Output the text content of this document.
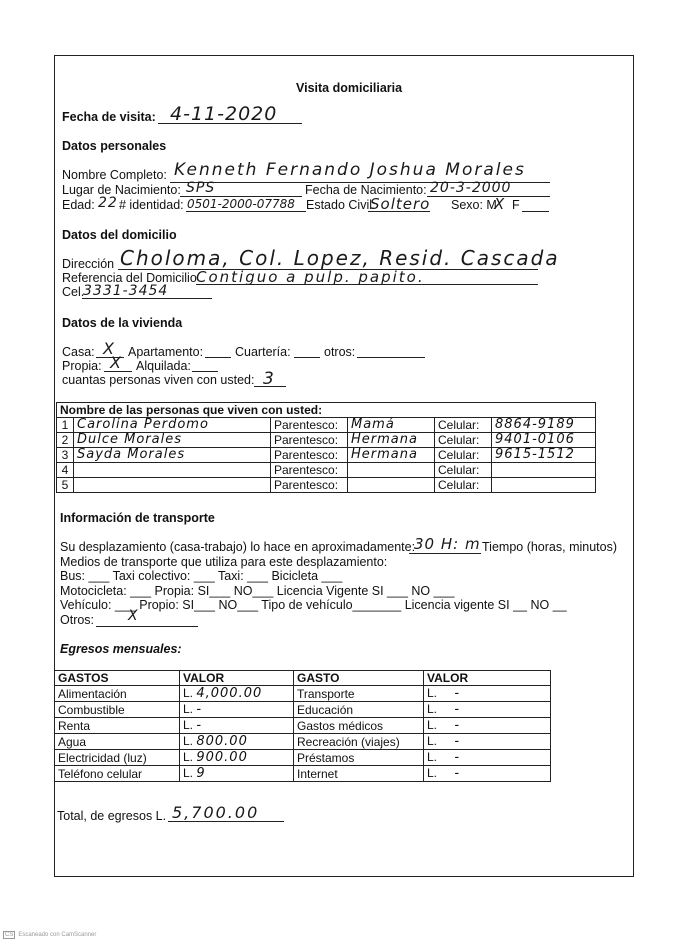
Visita domiciliaria
Fecha de visita: 4-11-2020
Datos personales
Nombre Completo: Kenneth Fernando Joshua Morales
Lugar de Nacimiento: SPS	Fecha de Nacimiento: 20-3-2000
Edad: 22 # identidad: 0501-2000-07788 Estado Civil:
Soltero Sexo: M
X F
Datos del domicilio
Dirección Choloma, Col. Lopez, Resid. Cascada
Referencia del Domicilio Contiguo a pulp. papito.
Cel.
3331-3454
Datos de la vivienda
Casa: X Apartamento:	Cuartería:	otros:
Propia: X Alquilada:
cuantas personas viven con usted: 3
Nombre de las personas que viven con usted:					
1	Carolina Perdomo	Parentesco:	Mamá	Celular:	8864-9189
2	Dulce Morales	Parentesco:	Hermana	Celular:	9401-0106
3	Sayda Morales	Parentesco:	Hermana	Celular:	9615-1512
4		Parentesco:		Celular:	
5		Parentesco:		Celular:	
Información de transporte
Su desplazamiento (casa-trabajo) lo hace en aproximadamente:
30 H: m Tiempo (horas, minutos)
Medios de transporte que utiliza para este desplazamiento:
Bus: ___ Taxi colectivo: ___ Taxi: ___ Bicicleta ___
Motocicleta: ___ Propia: SI___ NO___ Licencia Vigente SI ___ NO ___
Vehículo: ___ Propio: SI___ NO___ Tipo de vehículo_______ Licencia vigente SI __ NO __
Otros: X
Egresos mensuales:
GASTOS	VALOR	GASTO	VALOR
Alimentación	L. 4,000.00	Transporte	L. -
Combustible	L. -	Educación	L. -
Renta	L. -	Gastos médicos	L. -
Agua	L. 800.00	Recreación (viajes)	L. -
Electricidad (luz)	L. 900.00	Préstamos	L. -
Teléfono celular	L. 9	Internet	L. -
Total, de egresos L. 5,700.00
CS Escaneado con CamScanner
